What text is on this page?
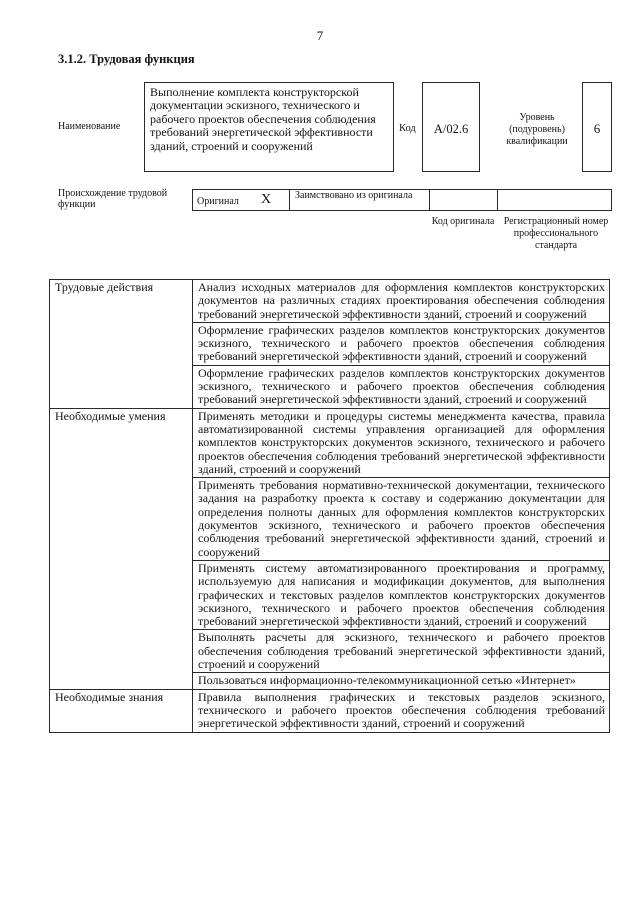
7
3.1.2. Трудовая функция
Наименование
Выполнение комплекта конструкторской документации эскизного, технического и рабочего проектов обеспечения соблюдения требований энергетической эффективности зданий, строений и сооружений
Код	А/02.6
Уровень (подуровень) квалификации
6
Происхождение трудовой функции	Оригинал X Заимствовано из оригинала
Код оригинала Регистрационный номер профессионального стандарта
Трудовые действия	Анализ исходных материалов для оформления комплектов конструкторских документов на различных стадиях проектирования обеспечения соблюдения требований энергетической эффективности зданий, строений и сооружений
	Оформление графических разделов комплектов конструкторских документов эскизного, технического и рабочего проектов обеспечения соблюдения требований энергетической эффективности зданий, строений и сооружений
	Оформление графических разделов комплектов конструкторских документов эскизного, технического и рабочего проектов обеспечения соблюдения требований энергетической эффективности зданий, строений и сооружений
Необходимые умения	Применять методики и процедуры системы менеджмента качества, правила автоматизированной системы управления организацией для оформления комплектов конструкторских документов эскизного, технического и рабочего проектов обеспечения соблюдения требований энергетической эффективности зданий, строений и сооружений
	Применять требования нормативно-технической документации, технического задания на разработку проекта к составу и содержанию документации для определения полноты данных для оформления комплектов конструкторских документов эскизного, технического и рабочего проектов обеспечения соблюдения требований энергетической эффективности зданий, строений и сооружений
	Применять систему автоматизированного проектирования и программу, используемую для написания и модификации документов, для выполнения графических и текстовых разделов комплектов конструкторских документов эскизного, технического и рабочего проектов обеспечения соблюдения требований энергетической эффективности зданий, строений и сооружений
	Выполнять расчеты для эскизного, технического и рабочего проектов обеспечения соблюдения требований энергетической эффективности зданий, строений и сооружений
	Пользоваться информационно-телекоммуникационной сетью «Интернет»
Необходимые знания	Правила выполнения графических и текстовых разделов эскизного, технического и рабочего проектов обеспечения соблюдения требований энергетической эффективности зданий, строений и сооружений
